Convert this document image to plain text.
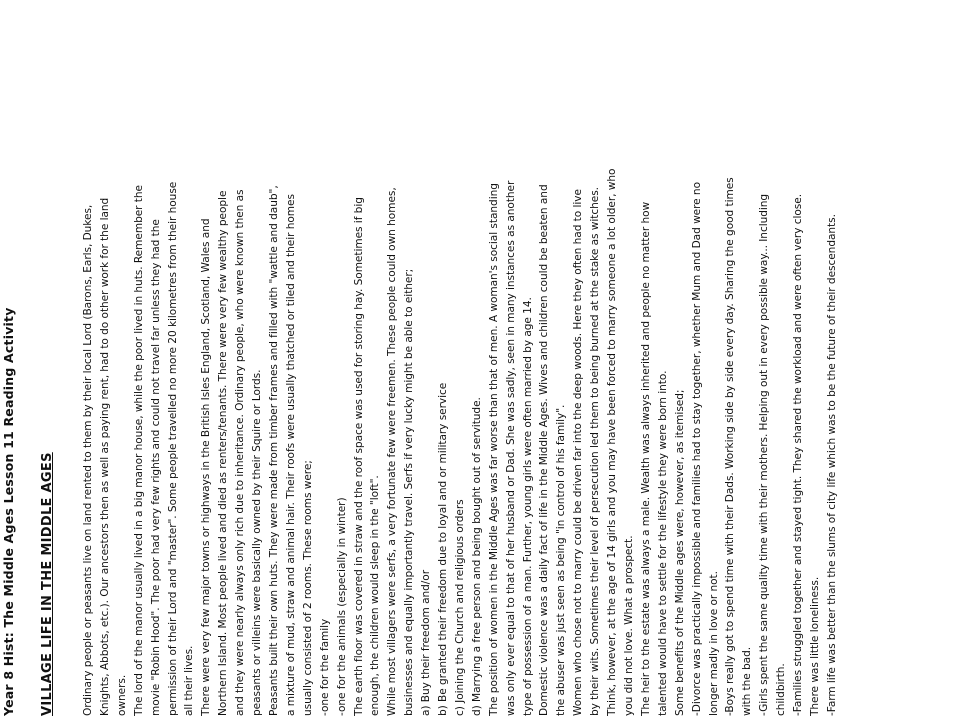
Year 8 Hist: The Middle Ages Lesson 11 Reading Activity VILLAGE LIFE IN THE MIDDLE AGES	Ordinary people or peasants live on land rented to them by their local Lord (Barons, Earls, Dukes, Knights, Abbots, etc.). Our ancestors then as well as paying rent, had to do other work for the land owners. The lord of the manor usually lived in a big manor house, while the poor lived in huts. Remember the movie "Robin Hood". The poor had very few rights and could not travel far unless they had the permission of their Lord and "master". Some people travelled no more 20 kilometres from their house all their lives. There were very few major towns or highways in the British Isles England, Scotland, Wales and Northern Island. Most people lived and died as renters/tenants. There were very few wealthy people and they were nearly always only rich due to inheritance. Ordinary people, who were known then as peasants or villeins were basically owned by their Squire or Lords. Peasants built their own huts. They were made from timber frames and filled with "wattle and daub", a mixture of mud, straw and animal hair. Their roofs were usually thatched or tiled and their homes usually consisted of 2 rooms. These rooms were; -one for the family -one for the animals (especially in winter) The earth floor was covered in straw and the roof space was used for storing hay. Sometimes if big enough, the children would sleep in the "loft". While most villagers were serfs, a very fortunate few were freemen. These people could own homes, businesses and equally importantly travel. Serfs if very lucky might be able to either; a) Buy their freedom and/or b) Be granted their freedom due to loyal and or military service c) Joining the Church and religious orders d) Marrying a free person and being bought out of servitude. The position of women in the Middle Ages was far worse than that of men. A woman's social standing was only ever equal to that of her husband or Dad. She was sadly, seen in many instances as another type of possession of a man. Further, young girls were often married by age 14. Domestic violence was a daily fact of life in the Middle Ages. Wives and children could be beaten and the abuser was just seen as being "in control of his family". Women who chose not to marry could be driven far into the deep woods. Here they often had to live by their wits. Sometimes their level of persecution led them to being burned at the stake as witches. Think, however, at the age of 14 girls and you may have been forced to marry someone a lot older, who you did not love. What a prospect. The heir to the estate was always a male. Wealth was always inherited and people no matter how talented would have to settle for the lifestyle they were born into. Some benefits of the Middle ages were, however, as itemised; -Divorce was practically impossible and families had to stay together, whether Mum and Dad were no longer madly in love or not. -Boys really got to spend time with their Dads. Working side by side every day. Sharing the good times with the bad. -Girls spent the same quality time with their mothers. Helping out in every possible way... Including childbirth. -Families struggled together and stayed tight. They shared the workload and were often very close. There was little loneliness. -Farm life was better than the slums of city life which was to be the future of their descendants.
